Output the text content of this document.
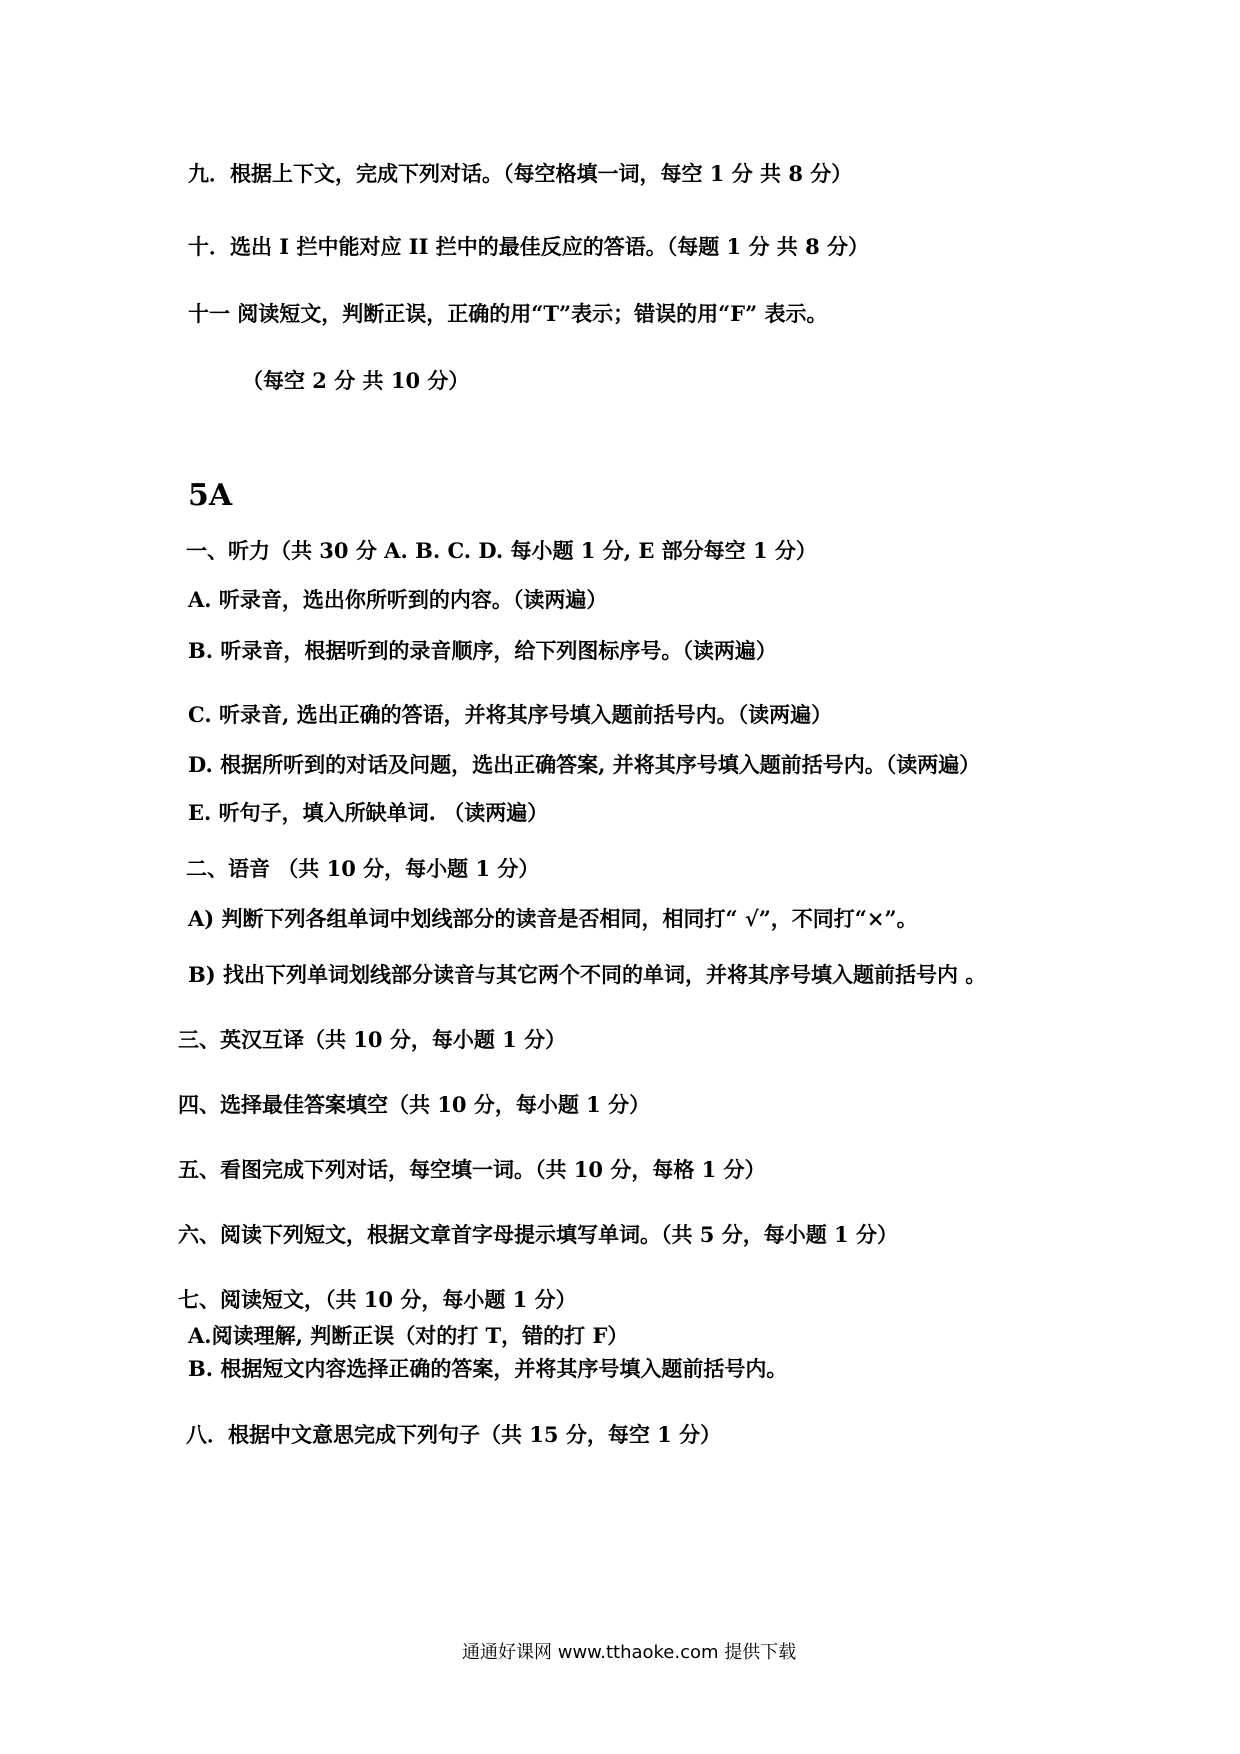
九．根据上下文，完成下列对话。（每空格填一词，每空 1 分 共 8 分）
十．选出 I 拦中能对应 II 拦中的最佳反应的答语。（每题 1 分 共 8 分）
十一 阅读短文，判断正误，正确的用“T”表示；错误的用“F” 表示。
（每空 2 分 共 10 分）
5A
一、听力（共 30 分 A. B. C. D. 每小题 1 分, E 部分每空 1 分）
A. 听录音，选出你所听到的内容。（读两遍）
B. 听录音，根据听到的录音顺序，给下列图标序号。（读两遍）
C. 听录音, 选出正确的答语，并将其序号填入题前括号内。（读两遍）
D. 根据所听到的对话及问题，选出正确答案, 并将其序号填入题前括号内。（读两遍）
E. 听句子，填入所缺单词. （读两遍）
二、语音 （共 10 分，每小题 1 分）
A) 判断下列各组单词中划线部分的读音是否相同，相同打“ √”，不同打“×”。
B) 找出下列单词划线部分读音与其它两个不同的单词，并将其序号填入题前括号内 。
三、英汉互译（共 10 分，每小题 1 分）
四、选择最佳答案填空（共 10 分，每小题 1 分）
五、看图完成下列对话，每空填一词。（共 10 分，每格 1 分）
六、阅读下列短文，根据文章首字母提示填写单词。（共 5 分，每小题 1 分）
七、阅读短文，（共 10 分，每小题 1 分）
A.阅读理解, 判断正误（对的打 T，错的打 F）
B. 根据短文内容选择正确的答案，并将其序号填入题前括号内。
八．根据中文意思完成下列句子（共 15 分，每空 1 分）
通通好课网 www.tthaoke.com 提供下载
